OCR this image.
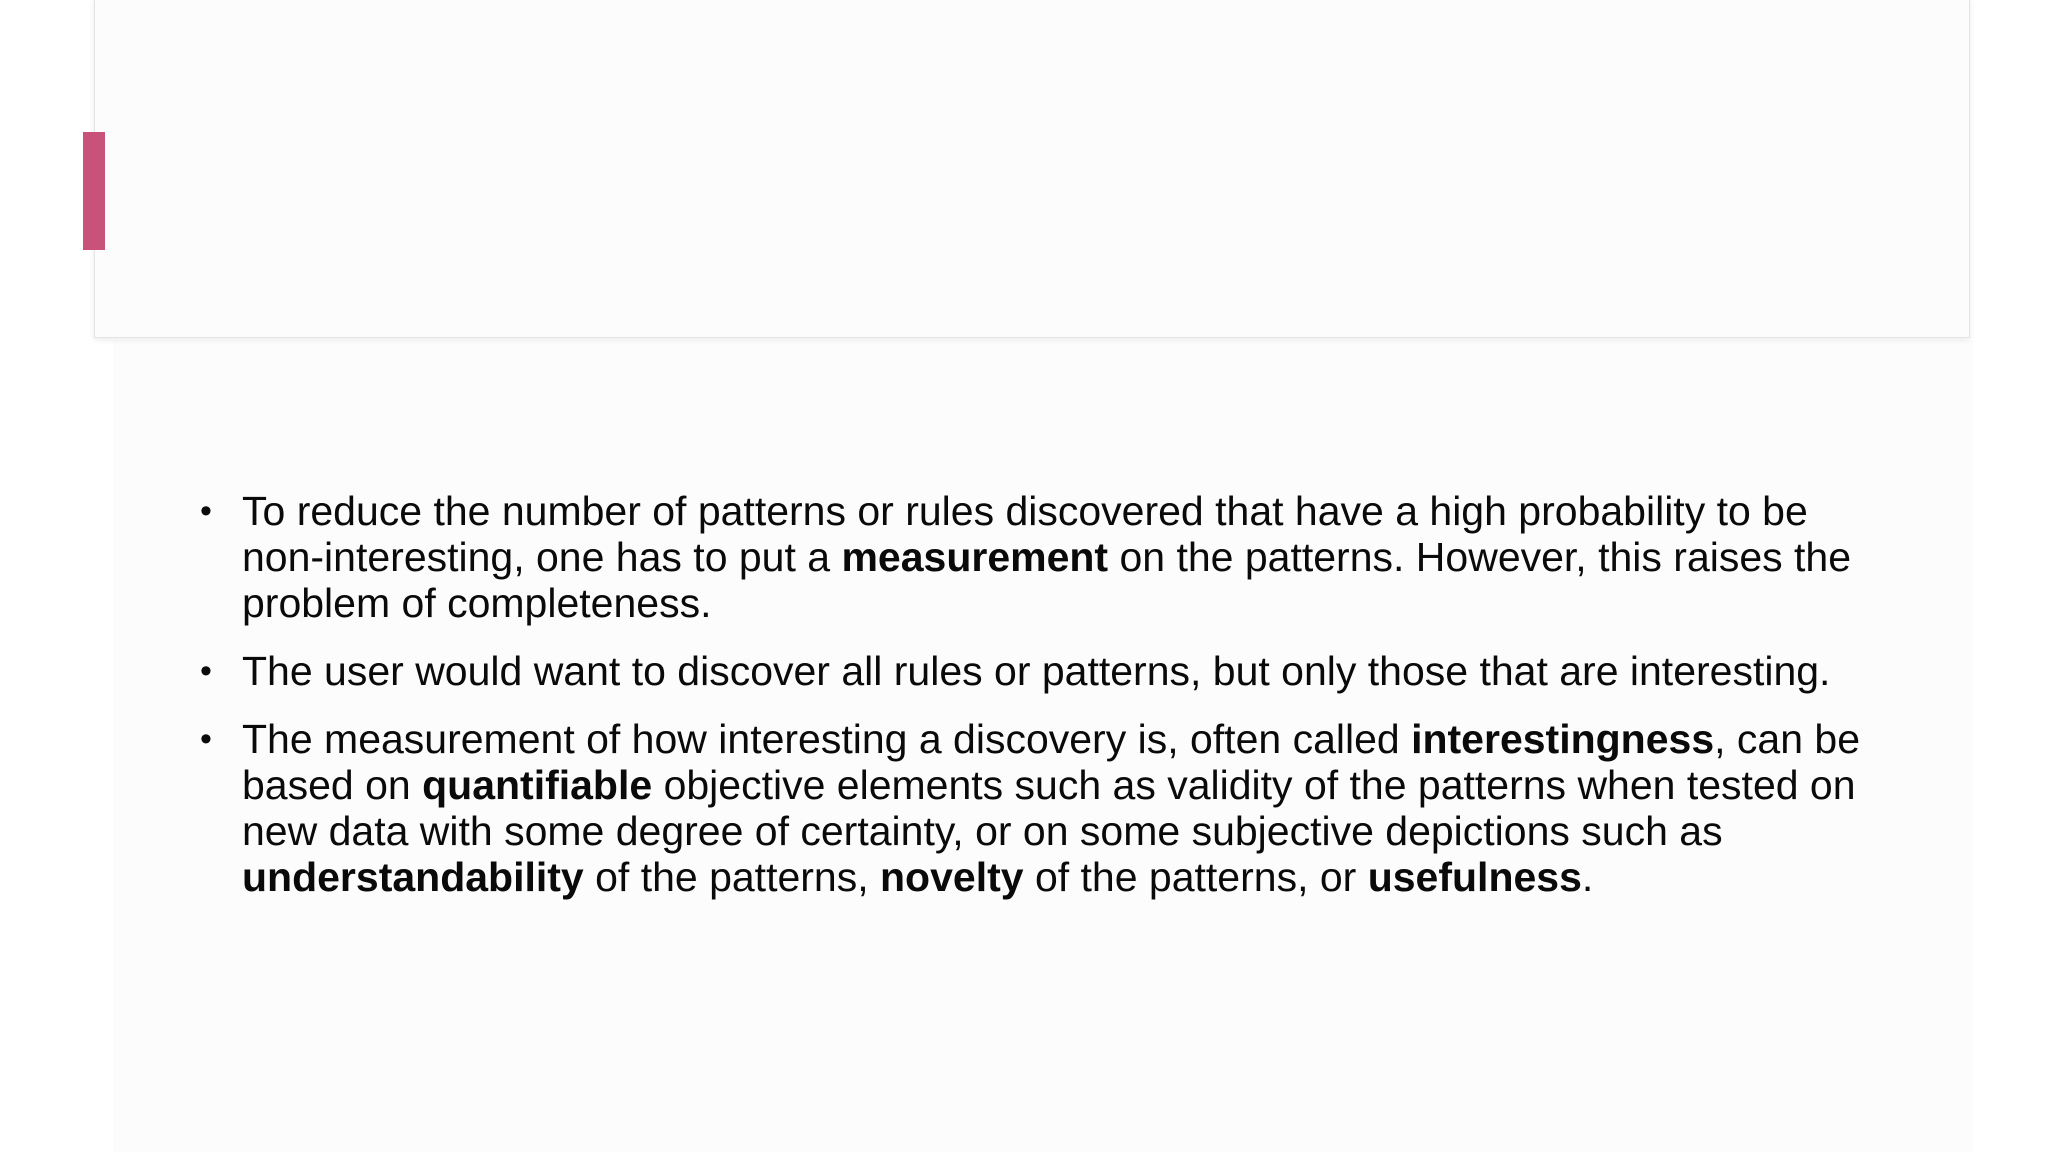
• To reduce the number of patterns or rules discovered that have a high probability to be non-interesting, one has to put a measurement on the patterns. However, this raises the problem of completeness.
• The user would want to discover all rules or patterns, but only those that are interesting.
• The measurement of how interesting a discovery is, often called interestingness, can be based on quantifiable objective elements such as validity of the patterns when tested on new data with some degree of certainty, or on some subjective depictions such as understandability of the patterns, novelty of the patterns, or usefulness.
